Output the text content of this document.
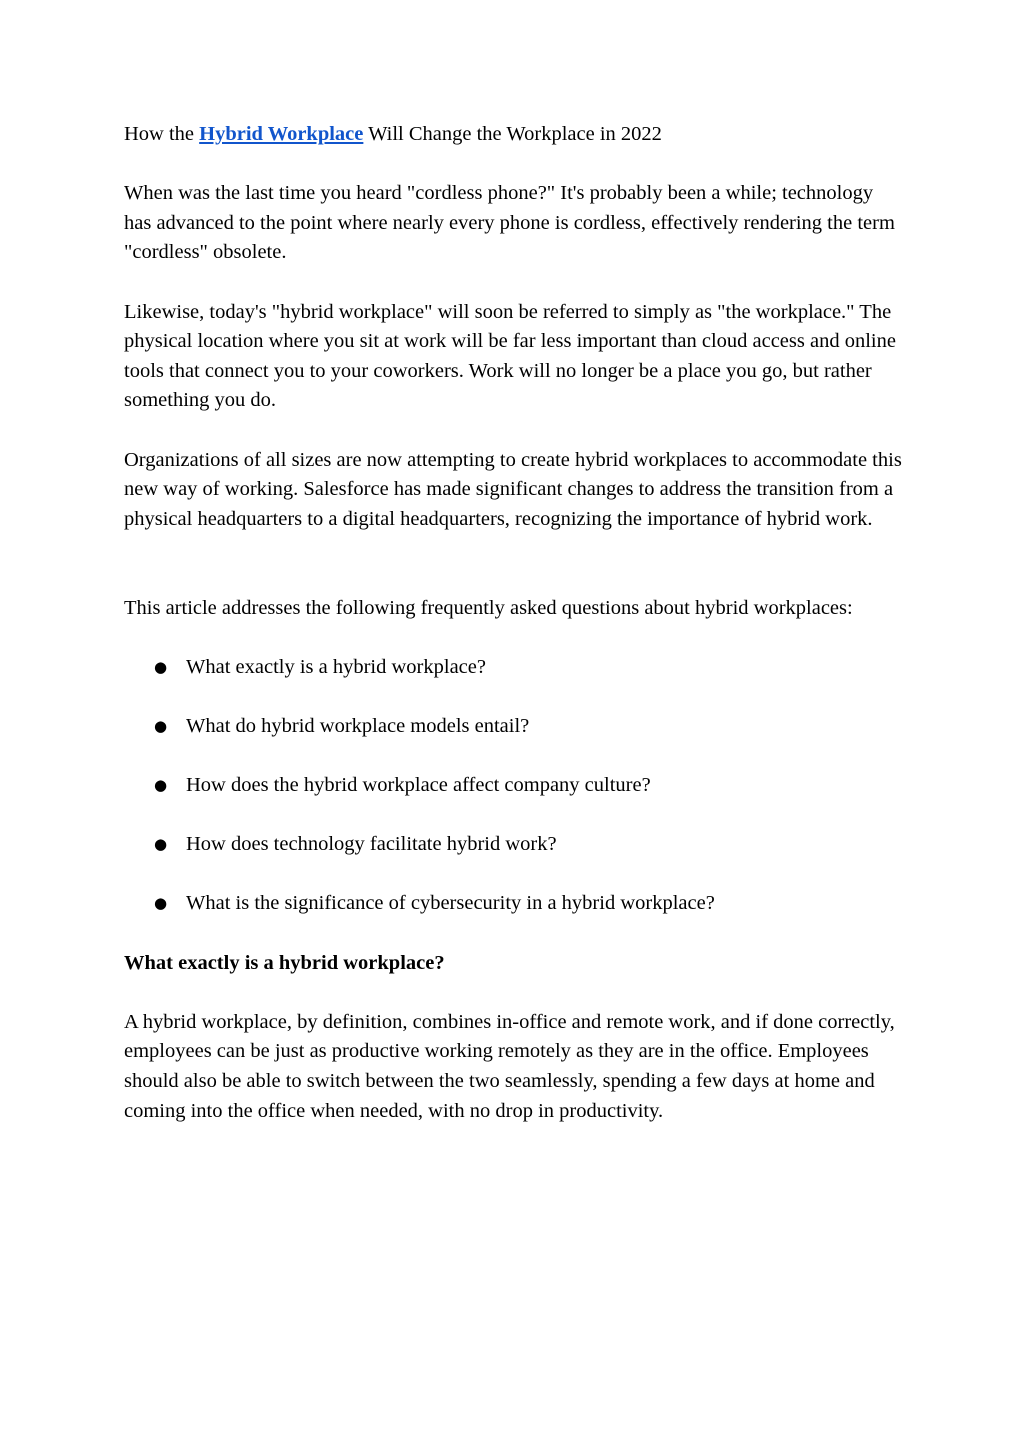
How the Hybrid Workplace Will Change the Workplace in 2022

When was the last time you heard "cordless phone?" It's probably been a while; technology has advanced to the point where nearly every phone is cordless, effectively rendering the term "cordless" obsolete.

Likewise, today's "hybrid workplace" will soon be referred to simply as "the workplace." The physical location where you sit at work will be far less important than cloud access and online tools that connect you to your coworkers. Work will no longer be a place you go, but rather something you do.

Organizations of all sizes are now attempting to create hybrid workplaces to accommodate this new way of working. Salesforce has made significant changes to address the transition from a physical headquarters to a digital headquarters, recognizing the importance of hybrid work.

This article addresses the following frequently asked questions about hybrid workplaces:

● What exactly is a hybrid workplace?
● What do hybrid workplace models entail?
● How does the hybrid workplace affect company culture?
● How does technology facilitate hybrid work?
● What is the significance of cybersecurity in a hybrid workplace?

What exactly is a hybrid workplace?

A hybrid workplace, by definition, combines in-office and remote work, and if done correctly, employees can be just as productive working remotely as they are in the office. Employees should also be able to switch between the two seamlessly, spending a few days at home and coming into the office when needed, with no drop in productivity.
